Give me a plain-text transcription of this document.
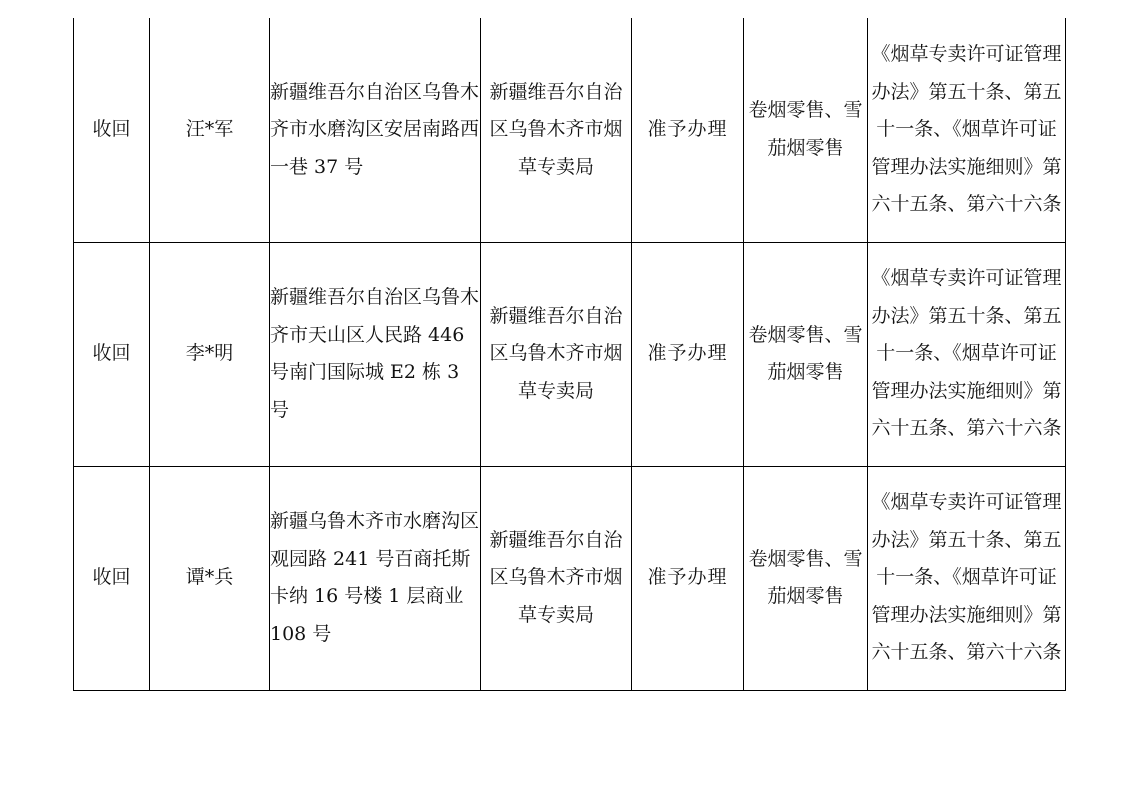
收回	汪*军	新疆维吾尔自治区乌鲁木齐市水磨沟区安居南路西一巷 37 号	新疆维吾尔自治区乌鲁木齐市烟草专卖局	准予办理	卷烟零售、雪茄烟零售	《烟草专卖许可证管理办法》第五十条、第五十一条、《烟草许可证管理办法实施细则》第六十五条、第六十六条

收回	李*明	新疆维吾尔自治区乌鲁木齐市天山区人民路 446 号南门国际城 E2 栋 3 号	新疆维吾尔自治区乌鲁木齐市烟草专卖局	准予办理	卷烟零售、雪茄烟零售	《烟草专卖许可证管理办法》第五十条、第五十一条、《烟草许可证管理办法实施细则》第六十五条、第六十六条

收回	谭*兵	新疆乌鲁木齐市水磨沟区观园路 241 号百商托斯卡纳 16 号楼 1 层商业 108 号	新疆维吾尔自治区乌鲁木齐市烟草专卖局	准予办理	卷烟零售、雪茄烟零售	《烟草专卖许可证管理办法》第五十条、第五十一条、《烟草许可证管理办法实施细则》第六十五条、第六十六条
